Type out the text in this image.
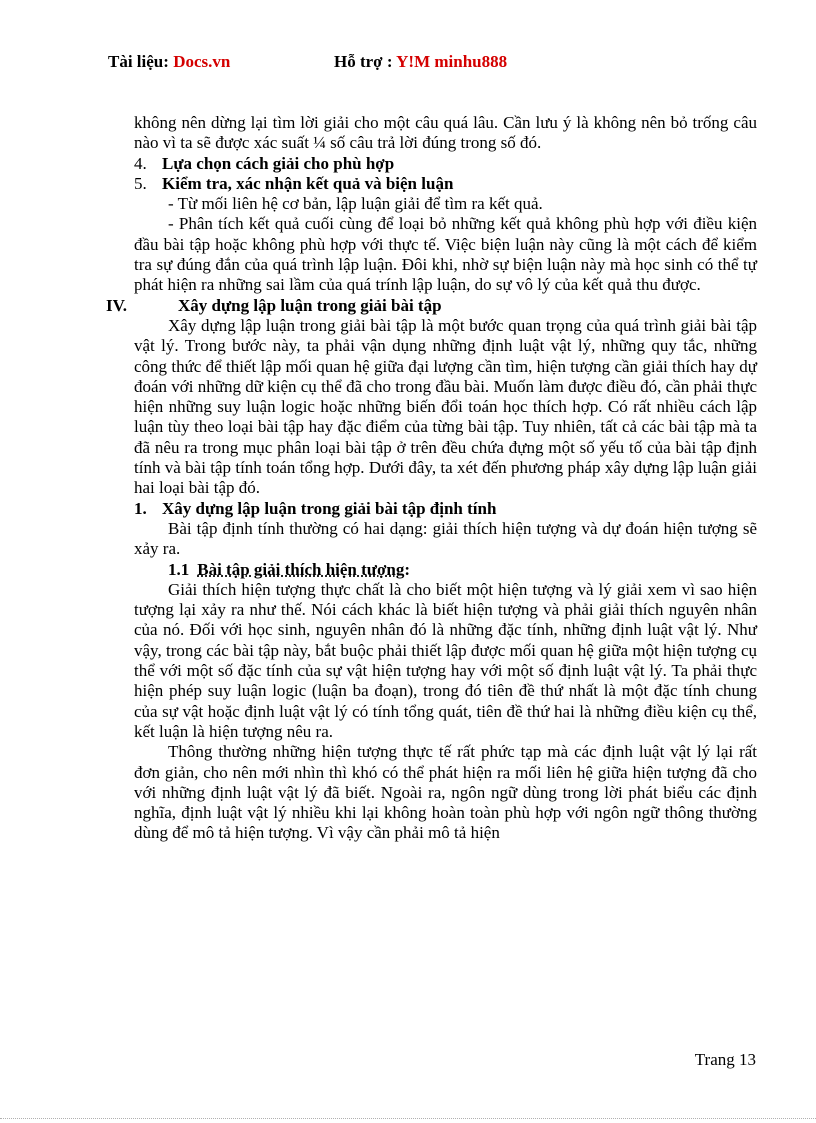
Tài liệu: Docs.vn	Hỗ trợ : Y!M minhu888

không nên dừng lại tìm lời giải cho một câu quá lâu. Cần lưu ý là không nên bỏ trống câu nào vì ta sẽ được xác suất ¼ số câu trả lời đúng trong số đó.

4. Lựa chọn cách giải cho phù hợp

5. Kiểm tra, xác nhận kết quả và biện luận

- Từ mối liên hệ cơ bản, lập luận giải để tìm ra kết quả.

- Phân tích kết quả cuối cùng để loại bỏ những kết quả không phù hợp với điều kiện đầu bài tập hoặc không phù hợp với thực tế. Việc biện luận này cũng là một cách để kiểm tra sự đúng đắn của quá trình lập luận. Đôi khi, nhờ sự biện luận này mà học sinh có thể tự phát hiện ra những sai lầm của quá trính lập luận, do sự vô lý của kết quả thu được.

IV.	Xây dựng lập luận trong giải bài tập

Xây dựng lập luận trong giải bài tập là một bước quan trọng của quá trình giải bài tập vật lý. Trong bước này, ta phải vận dụng những định luật vật lý, những quy tắc, những công thức để thiết lập mối quan hệ giữa đại lượng cần tìm, hiện tượng cần giải thích hay dự đoán với những dữ kiện cụ thể đã cho trong đầu bài. Muốn làm được điều đó, cần phải thực hiện những suy luận logic hoặc những biến đổi toán học thích hợp. Có rất nhiều cách lập luận tùy theo loại bài tập hay đặc điểm của từng bài tập. Tuy nhiên, tất cả các bài tập mà ta đã nêu ra trong mục phân loại bài tập ở trên đều chứa đựng một số yếu tố của bài tập định tính và bài tập tính toán tổng hợp. Dưới đây, ta xét đến phương pháp xây dựng lập luận giải hai loại bài tập đó.

1. Xây dựng lập luận trong giải bài tập định tính

Bài tập định tính thường có hai dạng: giải thích hiện tượng và dự đoán hiện tượng sẽ xảy ra.

1.1 Bài tập giải thích hiện tượng:

Giải thích hiện tượng thực chất là cho biết một hiện tượng và lý giải xem vì sao hiện tượng lại xảy ra như thế. Nói cách khác là biết hiện tượng và phải giải thích nguyên nhân của nó. Đối với học sinh, nguyên nhân đó là những đặc tính, những định luật vật lý. Như vậy, trong các bài tập này, bắt buộc phải thiết lập được mối quan hệ giữa một hiện tượng cụ thể với một số đặc tính của sự vật hiện tượng hay với một số định luật vật lý. Ta phải thực hiện phép suy luận logic (luận ba đoạn), trong đó tiên đề thứ nhất là một đặc tính chung của sự vật hoặc định luật vật lý có tính tổng quát, tiên đề thứ hai là những điều kiện cụ thể, kết luận là hiện tượng nêu ra.

Thông thường những hiện tượng thực tế rất phức tạp mà các định luật vật lý lại rất đơn giản, cho nên mới nhìn thì khó có thể phát hiện ra mối liên hệ giữa hiện tượng đã cho với những định luật vật lý đã biết. Ngoài ra, ngôn ngữ dùng trong lời phát biểu các định nghĩa, định luật vật lý nhiều khi lại không hoàn toàn phù hợp với ngôn ngữ thông thường dùng để mô tả hiện tượng. Vì vậy cần phải mô tả hiện

Trang 13
